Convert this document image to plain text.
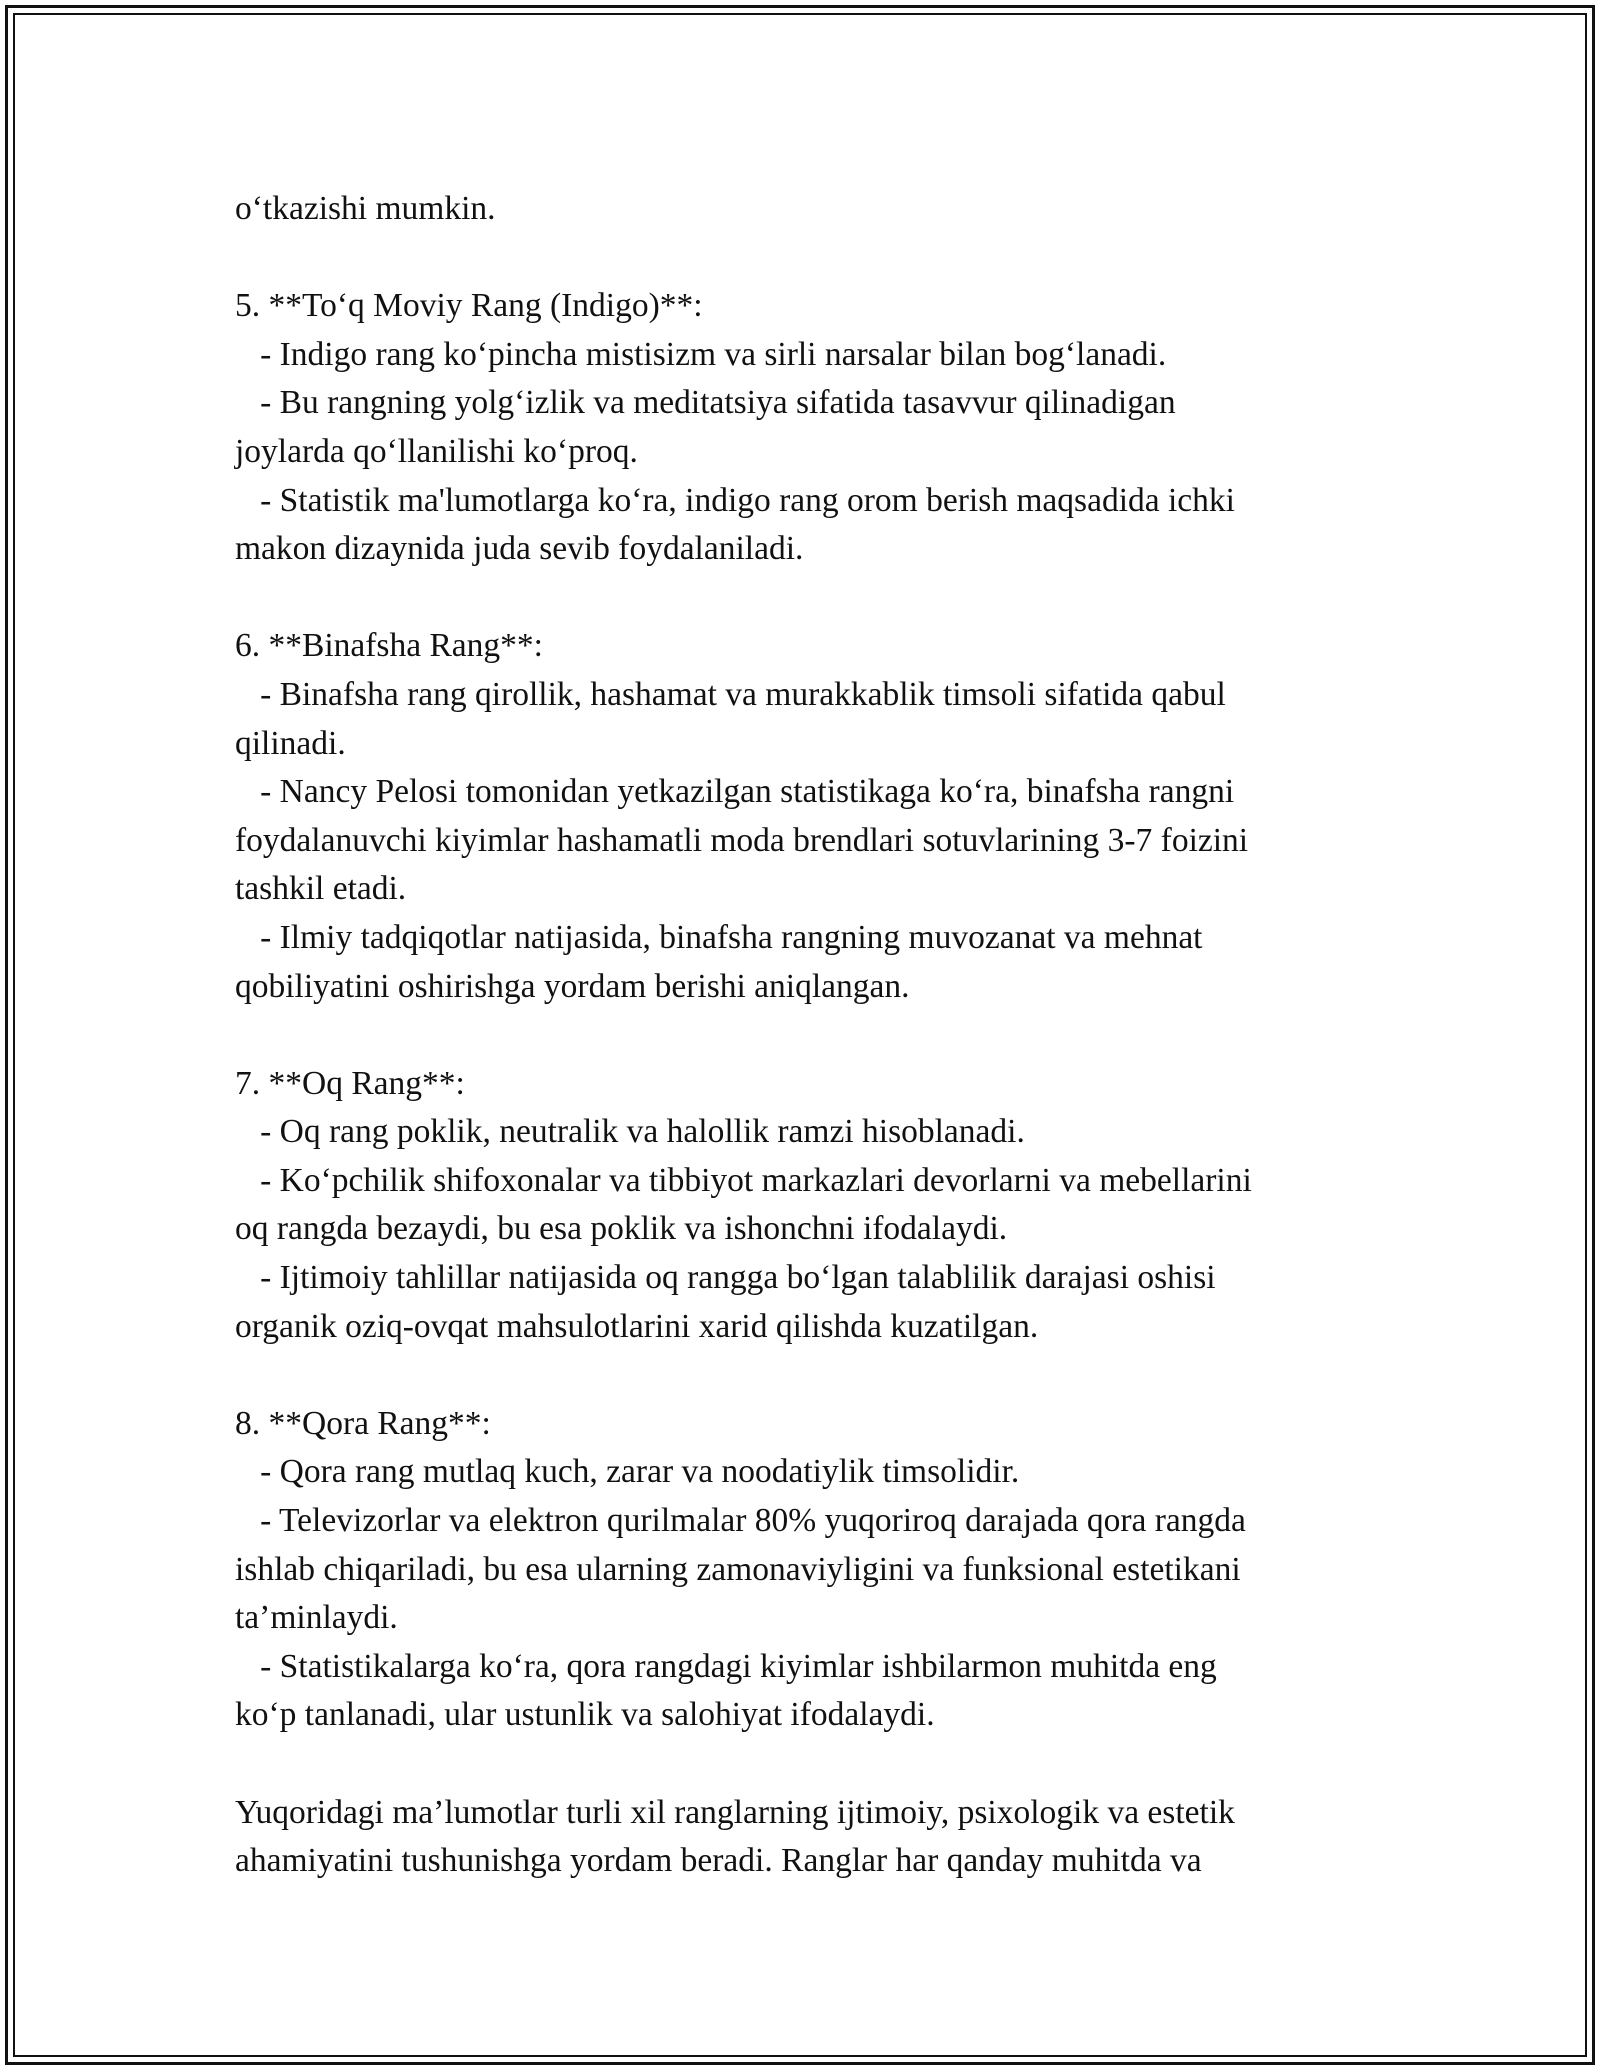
o‘tkazishi mumkin.
5. **To‘q Moviy Rang (Indigo)**:
- Indigo rang ko‘pincha mistisizm va sirli narsalar bilan bog‘lanadi.
- Bu rangning yolg‘izlik va meditatsiya sifatida tasavvur qilinadigan
joylarda qo‘llanilishi ko‘proq.
- Statistik ma'lumotlarga ko‘ra, indigo rang orom berish maqsadida ichki
makon dizaynida juda sevib foydalaniladi.
6. **Binafsha Rang**:
- Binafsha rang qirollik, hashamat va murakkablik timsoli sifatida qabul
qilinadi.
- Nancy Pelosi tomonidan yetkazilgan statistikaga ko‘ra, binafsha rangni
foydalanuvchi kiyimlar hashamatli moda brendlari sotuvlarining 3-7 foizini
tashkil etadi.
- Ilmiy tadqiqotlar natijasida, binafsha rangning muvozanat va mehnat
qobiliyatini oshirishga yordam berishi aniqlangan.
7. **Oq Rang**:
- Oq rang poklik, neutralik va halollik ramzi hisoblanadi.
- Ko‘pchilik shifoxonalar va tibbiyot markazlari devorlarni va mebellarini
oq rangda bezaydi, bu esa poklik va ishonchni ifodalaydi.
- Ijtimoiy tahlillar natijasida oq rangga bo‘lgan talablilik darajasi oshisi
organik oziq-ovqat mahsulotlarini xarid qilishda kuzatilgan.
8. **Qora Rang**:
- Qora rang mutlaq kuch, zarar va noodatiylik timsolidir.
- Televizorlar va elektron qurilmalar 80% yuqoriroq darajada qora rangda
ishlab chiqariladi, bu esa ularning zamonaviyligini va funksional estetikani
ta’minlaydi.
- Statistikalarga ko‘ra, qora rangdagi kiyimlar ishbilarmon muhitda eng
ko‘p tanlanadi, ular ustunlik va salohiyat ifodalaydi.
Yuqoridagi ma’lumotlar turli xil ranglarning ijtimoiy, psixologik va estetik
ahamiyatini tushunishga yordam beradi. Ranglar har qanday muhitda va
